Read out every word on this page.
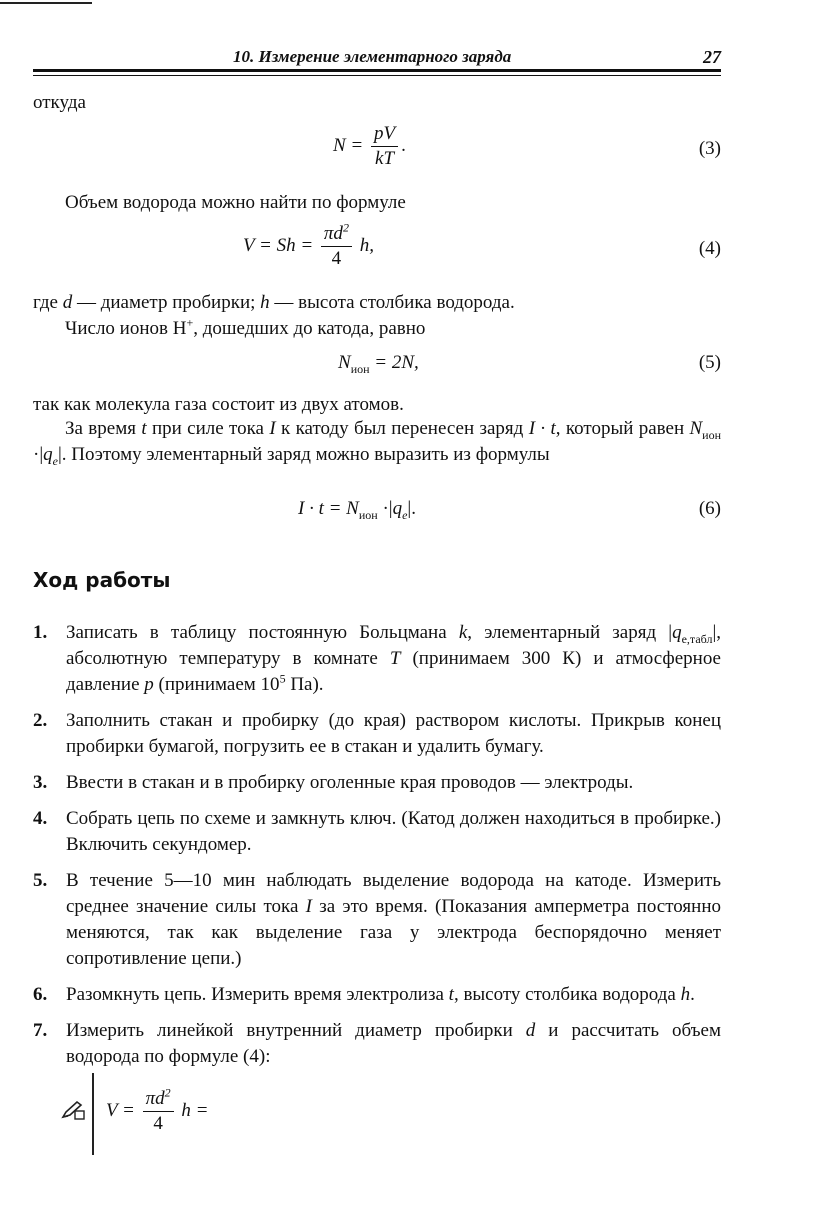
10. Измерение элементарного заряда	27
откуда
$N = \frac{pV}{kT}$ .	(3)
Объем водорода можно найти по формуле
$V = Sh = \frac{\pi d^2}{4} h$,	(4)
где d — диаметр пробирки; h — высота столбика водорода.
Число ионов H+, дошедших до катода, равно
$N_{ион} = 2N$,	(5)
так как молекула газа состоит из двух атомов.
За время t при силе тока I к катоду был перенесен заряд I · t, который равен $N_{ион} \cdot|q_e|$. Поэтому элементарный заряд можно выразить из формулы
$I \cdot t = N_{ион} \cdot|q_e|$.	(6)
Ход работы
1. Записать в таблицу постоянную Больцмана k, элементарный заряд $|q_{e,табл}|$, абсолютную температуру в комнате T (принимаем 300 К) и атмосферное давление p (принимаем $10^5$ Па).
2. Заполнить стакан и пробирку (до края) раствором кислоты. Прикрыв конец пробирки бумагой, погрузить ее в стакан и удалить бумагу.
3. Ввести в стакан и в пробирку оголенные края проводов — электроды.
4. Собрать цепь по схеме и замкнуть ключ. (Катод должен находиться в пробирке.) Включить секундомер.
5. В течение 5—10 мин наблюдать выделение водорода на катоде. Измерить среднее значение силы тока I за это время. (Показания амперметра постоянно меняются, так как выделение газа у электрода беспорядочно меняет сопротивление цепи.)
6. Разомкнуть цепь. Измерить время электролиза t, высоту столбика водорода h.
7. Измерить линейкой внутренний диаметр пробирки d и рассчитать объем водорода по формуле (4):
$V = \frac{\pi d^2}{4}$ h =
